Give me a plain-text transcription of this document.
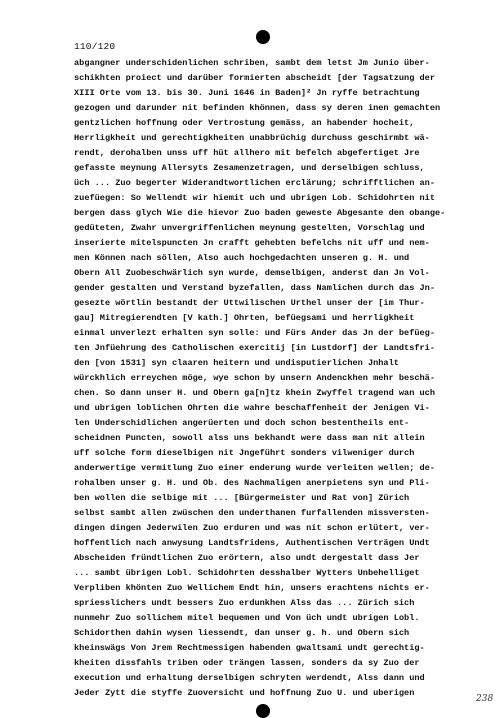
110/120
abgangner underschidenlichen schriben, sambt dem letst Jm Junio über-
schikhten proiect und darüber formierten abscheidt [der Tagsatzung der
XIII Orte vom 13. bis 30. Juni 1646 in Baden]² Jn ryffe betrachtung
gezogen und darunder nit befinden khönnen, dass sy deren inen gemachten
gentzlichen hoffnung oder Vertrostung gemäss, an habender hocheit,
Herrligkheit und gerechtigkheiten unabbrüchig durchuss geschirmbt wä-
rendt, derohalben unss uff hüt allhero mit befelch abgefertiget Jre
gefasste meynung Allersyts Zesamenzetragen, und derselbigen schluss,
üch ... Zuo begerter Widerandtwortlichen erclärung; schrifftlichen an-
zuefüegen: So Wellendt wir hiemit uch und ubrigen Lob. Schidohrten nit
bergen dass glych Wie die hievor Zuo baden geweste Abgesante den obange-
gedüteten, Zwahr unvergriffenlichen meynung gestelten, Vorschlag und
inserierte mitelspuncten Jn crafft gehebten befelchs nit uff und nem-
men Können nach söllen, Also auch hochgedachten unseren g. H. und
Obern All Zuobeschwärlich syn wurde, demselbigen, anderst dan Jn Vol-
gender gestalten und Verstand byzefallen, dass Namlichen durch das Jn-
gesezte wörtlin bestandt der Uttwilischen Urthel unser der [im Thur-
gau] Mitregierendten [V kath.] Ohrten, befüegsami und herrligkheit
einmal unverlezt erhalten syn solle: und Fürs Ander das Jn der befüeg-
ten Jnfüehrung des Catholischen exercitij [in Lustdorf] der Landtsfri-
den [von 1531] syn claaren heitern und undisputierlichen Jnhalt
würckhlich erreychen möge, wye schon by unsern Andenckhen mehr beschä-
chen. So dann unser H. und Obern ga[n]tz khein Zwyffel tragend wan uch
und ubrigen loblichen Ohrten die wahre beschaffenheit der Jenigen Vi-
len Underschidlichen angerüerten und doch schon bestentheils ent-
scheidnen Puncten, sowoll alss uns bekhandt were dass man nit allein
uff solche form dieselbigen nit Jngeführt sonders vilweniger durch
anderwertige vermitlung Zuo einer enderung wurde verleiten wellen; de-
rohalben unser g. H. und Ob. des Nachmaligen anerpietens syn und Pli-
ben wollen die selbige mit ... [Bürgermeister und Rat von] Zürich
selbst sambt allen zwüschen den underthanen furfallenden missversten-
dingen dingen Jederwilen Zuo erduren und was nit schon erlütert, ver-
hoffentlich nach anwysung Landtsfridens, Authentischen Verträgen Undt
Abscheiden fründtlichen Zuo erörtern, also undt dergestalt dass Jer
... sambt übrigen Lobl. Schidohrten desshalber Wytters Unbehelliget
Verpliben khönten Zuo Wellichem Endt hin, unsers erachtens nichts er-
spriesslichers undt bessers Zuo erdunkhen Alss das ... Zürich sich
nunmehr Zuo sollichem mitel bequemen und Von üch undt ubrigen Lobl.
Schidorthen dahin wysen liessendt, dan unser g. h. und Obern sich
kheinswägs Von Jrem Rechtmessigen habenden gwaltsami undt gerechtig-
kheiten dissfahls triben oder trängen lassen, sonders da sy Zuo der
execution und erhaltung derselbigen schryten werdendt, Alss dann und
Jeder Zytt die styffe Zuoversicht und hoffnung Zuo U. und uberigen
238
